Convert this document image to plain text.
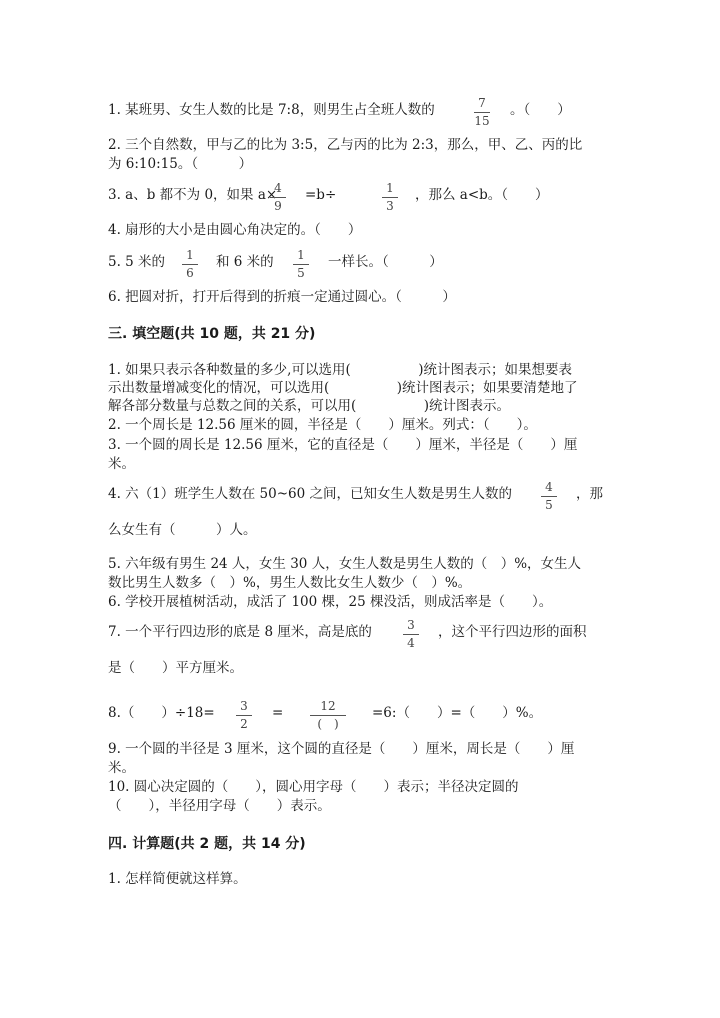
1. 某班男、女生人数的比是 7:8，则男生占全班人数的	7
15
。（　　）
2. 三个自然数，甲与乙的比为 3:5，乙与丙的比为 2:3，那么，甲、乙、丙的比
为 6:10:15。（　　　）
3. a、b 都不为 0，如果 a×
4
9
=b÷	1
3
，那么 a<b。（　　）
4. 扇形的大小是由圆心角决定的。（　　）
5. 5 米的	1
6
和 6 米的	1
5
一样长。（　　　）
6. 把圆对折，打开后得到的折痕一定通过圆心。（　　　）
三. 填空题(共 10 题，共 21 分)
1. 如果只表示各种数量的多少,可以选用(　　　　　)统计图表示；如果想要表
示出数量增减变化的情况，可以选用(　　　　　)统计图表示；如果要清楚地了
解各部分数量与总数之间的关系，可以用(　　　　　)统计图表示。
2. 一个周长是 12.56 厘米的圆，半径是（　　）厘米。列式：（　　）。
3. 一个圆的周长是 12.56 厘米，它的直径是（　　）厘米，半径是（　　）厘
米。
4. 六（1）班学生人数在 50~60 之间，已知女生人数是男生人数的	4
5
，那
么女生有（　　　）人。
5. 六年级有男生 24 人，女生 30 人，女生人数是男生人数的（　）%，女生人
数比男生人数多（　）%，男生人数比女生人数少（　）%。
6. 学校开展植树活动，成活了 100 棵，25 棵没活，则成活率是（　　）。
7. 一个平行四边形的底是 8 厘米，高是底的	3
4
，这个平行四边形的面积
是（　　）平方厘米。
8.（　　）÷18=	3
2
=	12
(　)
=6:（　　）=（　　）%。
9. 一个圆的半径是 3 厘米，这个圆的直径是（　　）厘米，周长是（　　）厘
米。
10. 圆心决定圆的（　　），圆心用字母（　　）表示；半径决定圆的
（　　），半径用字母（　　）表示。
四. 计算题(共 2 题，共 14 分)
1. 怎样简便就这样算。
